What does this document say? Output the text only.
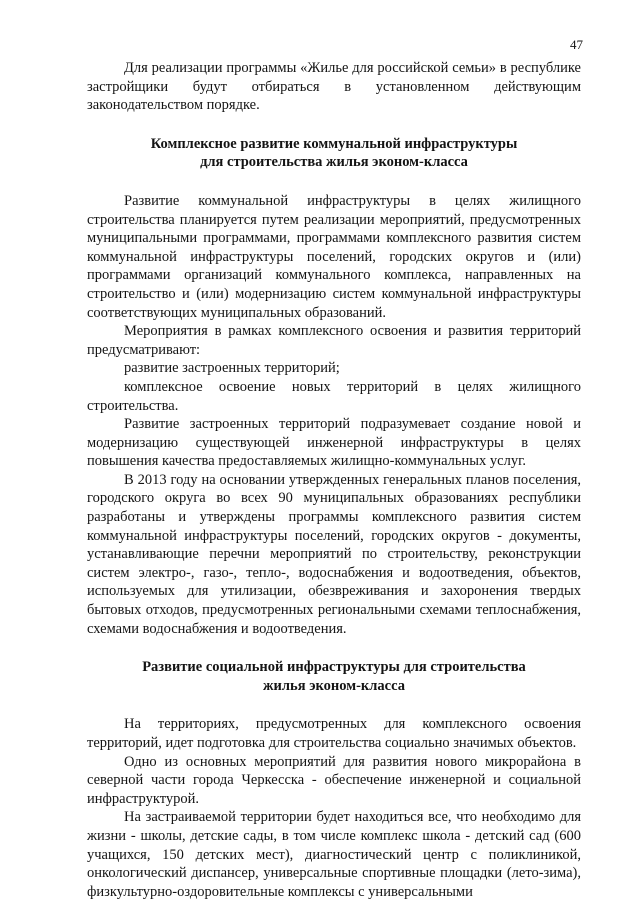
47

Для реализации программы «Жилье для российской семьи» в республике застройщики будут отбираться в установленном действующим законодательством порядке.

Комплексное развитие коммунальной инфраструктуры

для строительства жилья эконом-класса

Развитие коммунальной инфраструктуры в целях жилищного строительства планируется путем реализации мероприятий, предусмотренных муниципальными программами, программами комплексного развития систем коммунальной инфраструктуры поселений, городских округов и (или) программами организаций коммунального комплекса, направленных на строительство и (или) модернизацию систем коммунальной инфраструктуры соответствующих муниципальных образований.

Мероприятия в рамках комплексного освоения и развития территорий предусматривают:

развитие застроенных территорий;

комплексное освоение новых территорий в целях жилищного строительства.

Развитие застроенных территорий подразумевает создание новой и модернизацию существующей инженерной инфраструктуры в целях повышения качества предоставляемых жилищно-коммунальных услуг.

В 2013 году на основании утвержденных генеральных планов поселения, городского округа во всех 90 муниципальных образованиях республики разработаны и утверждены программы комплексного развития систем коммунальной инфраструктуры поселений, городских округов - документы, устанавливающие перечни мероприятий по строительству, реконструкции систем электро-, газо-, тепло-, водоснабжения и водоотведения, объектов, используемых для утилизации, обезвреживания и захоронения твердых бытовых отходов, предусмотренных региональными схемами теплоснабжения, схемами водоснабжения и водоотведения.

Развитие социальной инфраструктуры для строительства

жилья эконом-класса

На территориях, предусмотренных для комплексного освоения территорий, идет подготовка для строительства социально значимых объектов.

Одно из основных мероприятий для развития нового микрорайона в северной части города Черкесска - обеспечение инженерной и социальной инфраструктурой.

На застраиваемой территории будет находиться все, что необходимо для жизни - школы, детские сады, в том числе комплекс школа - детский сад (600 учащихся, 150 детских мест), диагностический центр с поликлиникой, онкологический диспансер, универсальные спортивные площадки (лето-зима), физкультурно-оздоровительные комплексы с универсальными
